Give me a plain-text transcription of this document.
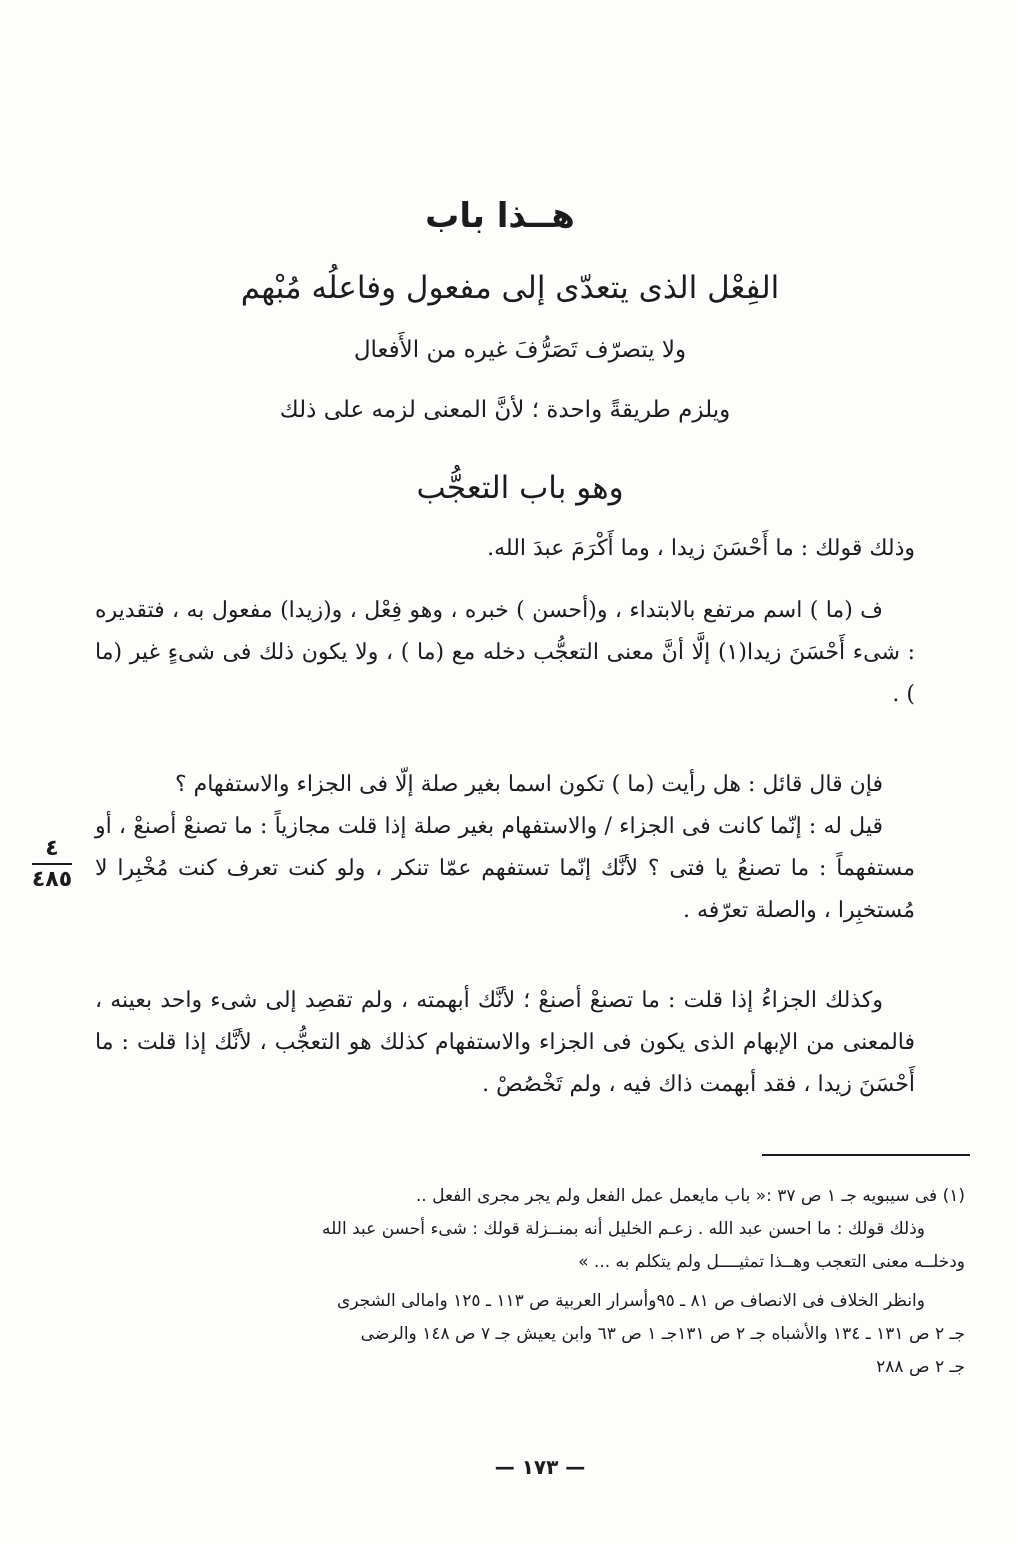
هــذا باب
الفِعْل الذى يتعدّى إلى مفعول وفاعلُه مُبْهم
ولا يتصرّف تَصَرُّفَ غيره من الأَفعال
ويلزم طريقةً واحدة ؛ لأنَّ المعنى لزمه على ذلك
وهو باب التعجُّب
وذلك قولك : ما أَحْسَنَ زيدا ، وما أَكْرَمَ عبدَ الله.
ف (ما ) اسم مرتفع بالابتداء ، و(أحسن ) خبره ، وهو فِعْل ، و(زيدا) مفعول به ، فتقديره : شىء أَحْسَنَ زيدا(١) إلَّا أنَّ معنى التعجُّب دخله مع (ما ) ، ولا يكون ذلك فى شىءٍ غير (ما ) .
فإن قال قائل : هل رأيت (ما ) تكون اسما بغير صلة إلّا فى الجزاء والاستفهام ؟
قيل له : إنّما كانت فى الجزاء / والاستفهام بغير صلة إذا قلت مجازياً : ما تصنعْ أصنعْ ، أو مستفهماً : ما تصنعُ يا فتى ؟ لأنَّك إنّما تستفهم عمّا تنكر ، ولو كنت تعرف كنت مُخْبِرا لا مُستخبِرا ، والصلة تعرّفه .
٤
٤٨٥
وكذلك الجزاءُ إذا قلت : ما تصنعْ أصنعْ ؛ لأنَّك أبهمته ، ولم تقصِد إلى شىء واحد بعينه ، فالمعنى من الإبهام الذى يكون فى الجزاء والاستفهام كذلك هو التعجُّب ، لأنَّك إذا قلت : ما أَحْسَنَ زيدا ، فقد أبهمت ذاك فيه ، ولم تَخْصُصْ .
(١) فى سيبويه جـ ١ ص ٣٧ :« باب مايعمل عمل الفعل ولم يجر مجرى الفعل ..
وذلك قولك : ما احسن عبد الله . زعـم الخليل أنه بمنــزلة قولك : شىء أحسن عبد الله
ودخلــه معنى التعجب وهــذا تمثيــــل ولم يتكلم به ... »
وانظر الخلاف فى الانصاف ص ٨١ ـ ٩٥وأسرار العربية ص ١١٣ ـ ١٢٥ وامالى الشجرى
جـ ٢ ص ١٣١ ـ ١٣٤ والأشباه جـ ٢ ص ١٣١جـ ١ ص ٦٣ وابن يعيش جـ ٧ ص ١٤٨ والرضى
جـ ٢ ص ٢٨٨
— ١٧٣ —
